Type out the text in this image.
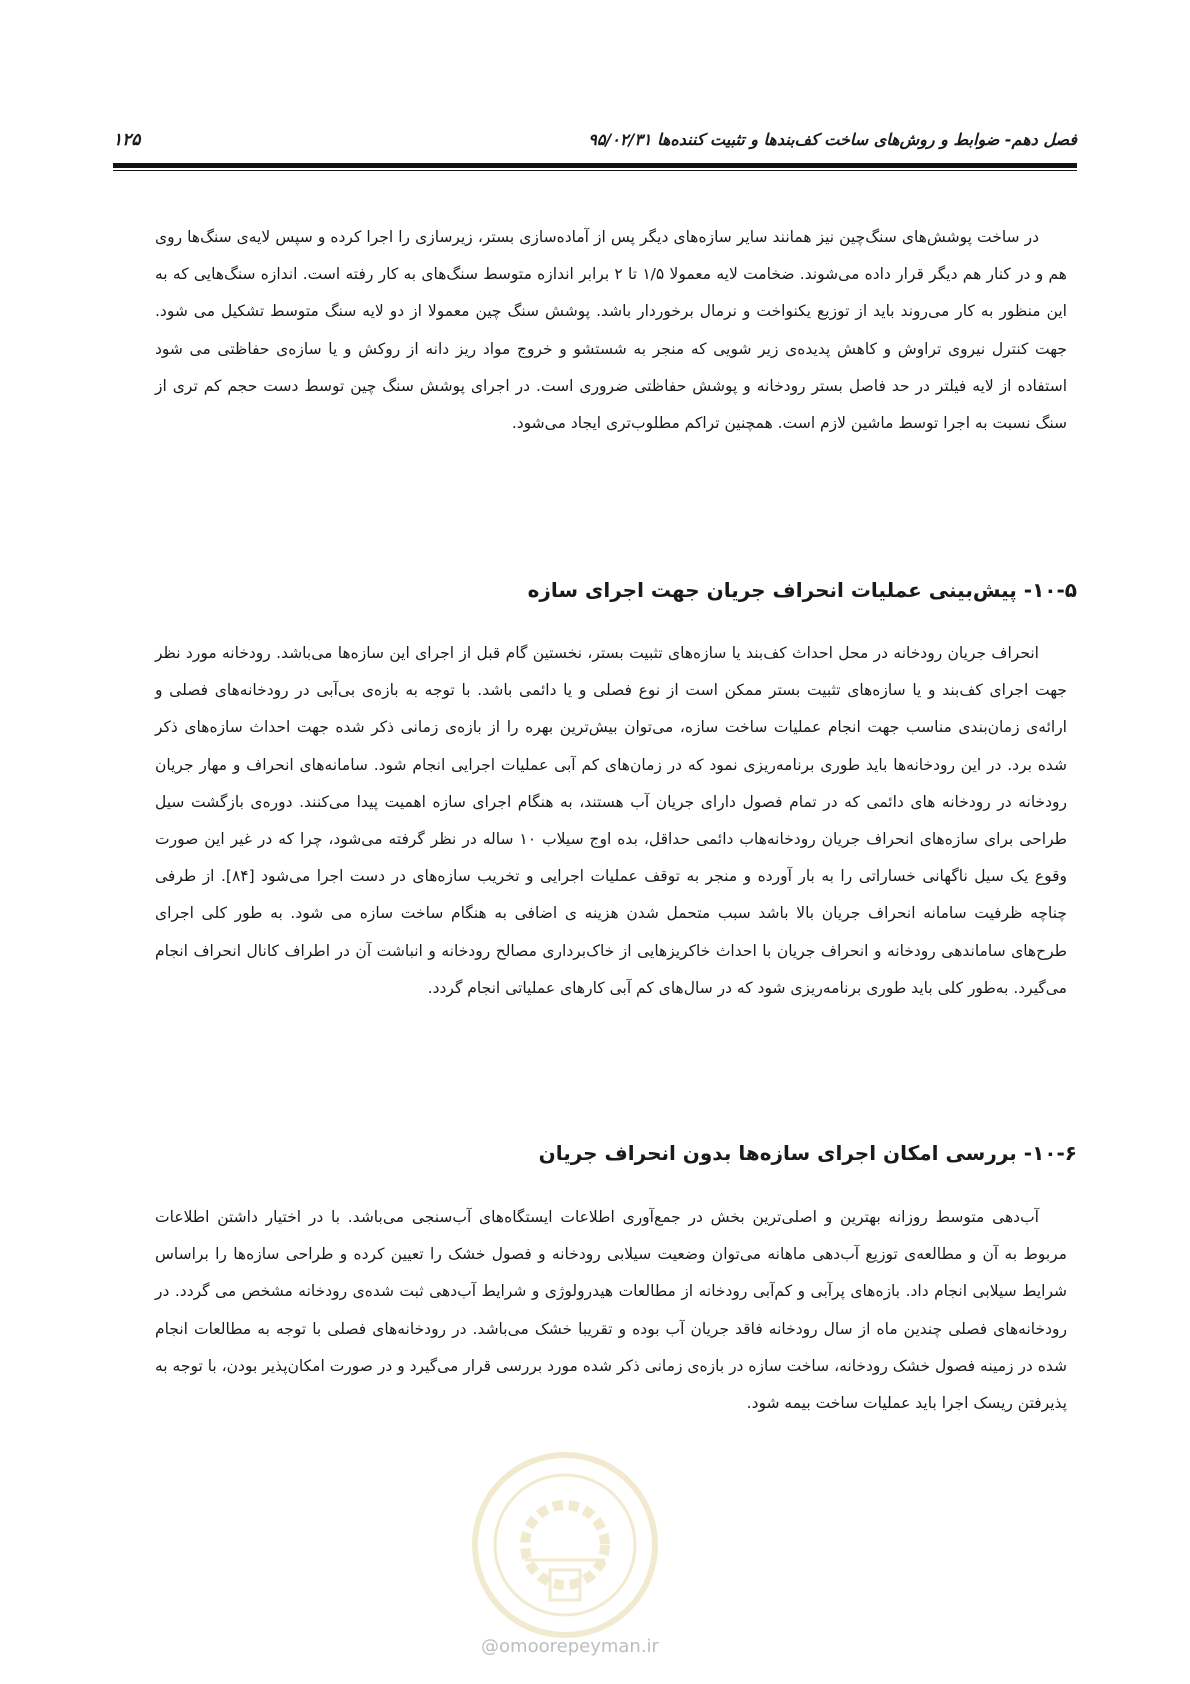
فصل دهم- ضوابط و روش‌های ساخت کف‌بندها و تثبیت کننده‌ها ۹۵/۰۲/۳۱
۱۲۵

در ساخت پوشش‌های سنگ‌چین نیز همانند سایر سازه‌های دیگر پس از آماده‌سازی بستر، زیرسازی را اجرا کرده و سپس لایه‌ی سنگ‌ها روی هم و در کنار هم دیگر قرار داده می‌شوند. ضخامت لایه معمولا ۱/۵ تا ۲ برابر اندازه متوسط سنگ‌های به کار رفته است. اندازه سنگ‌هایی که به این منظور به کار می‌روند باید از توزیع یکنواخت و نرمال برخوردار باشد. پوشش سنگ چین معمولا از دو لایه سنگ متوسط تشکیل می شود. جهت کنترل نیروی تراوش و کاهش پدیده‌ی زیر شویی که منجر به شستشو و خروج مواد ریز دانه از روکش و یا سازه‌ی حفاظتی می شود استفاده از لایه فیلتر در حد فاصل بستر رودخانه و پوشش حفاظتی ضروری است. در اجرای پوشش سنگ چین توسط دست حجم کم تری از سنگ نسبت به اجرا توسط ماشین لازم است. همچنین تراکم مطلوب‌تری ایجاد می‌شود.

۱۰-۵- پیش‌بینی عملیات انحراف جریان جهت اجرای سازه

انحراف جریان رودخانه در محل احداث کف‌بند یا سازه‌های تثبیت بستر، نخستین گام قبل از اجرای این سازه‌ها می‌باشد. رودخانه مورد نظر جهت اجرای کف‌بند و یا سازه‌های تثبیت بستر ممکن است از نوع فصلی و یا دائمی باشد. با توجه به بازه‌ی بی‌آبی در رودخانه‌های فصلی و ارائه‌ی زمان‌بندی مناسب جهت انجام عملیات ساخت سازه، می‌توان بیش‌ترین بهره را از بازه‌ی زمانی ذکر شده جهت احداث سازه‌های ذکر شده برد. در این رودخانه‌ها باید طوری برنامه‌ریزی نمود که در زمان‌های کم آبی عملیات اجرایی انجام شود. سامانه‌های انحراف و مهار جریان رودخانه در رودخانه های دائمی که در تمام فصول دارای جریان آب هستند، به هنگام اجرای سازه اهمیت پیدا می‌کنند. دوره‌ی بازگشت سیل طراحی برای سازه‌های انحراف جریان رودخانه‌هاب دائمی حداقل، بده اوج سیلاب ۱۰ ساله در نظر گرفته می‌شود، چرا که در غیر این صورت وقوع یک سیل ناگهانی خساراتی را به بار آورده و منجر به توقف عملیات اجرایی و تخریب سازه‌های در دست اجرا می‌شود [۸۴]. از طرفی چناچه ظرفیت سامانه انحراف جریان بالا باشد سبب متحمل شدن هزینه ی اضافی به هنگام ساخت سازه می شود. به طور کلی اجرای طرح‌های ساماندهی رودخانه و انحراف جریان با احداث خاکریزهایی از خاک‌برداری مصالح رودخانه و انباشت آن در اطراف کانال انحراف انجام می‌گیرد. به‌طور کلی باید طوری برنامه‌ریزی شود که در سال‌های کم آبی کارهای عملیاتی انجام گردد.

۱۰-۶- بررسی امکان اجرای سازه‌ها بدون انحراف جریان

آب‌دهی متوسط روزانه بهترین و اصلی‌ترین بخش در جمع‌آوری اطلاعات ایستگاه‌های آب‌سنجی می‌باشد. با در اختیار داشتن اطلاعات مربوط به آن و مطالعه‌ی توزیع آب‌دهی ماهانه می‌توان وضعیت سیلابی رودخانه و فصول خشک را تعیین کرده و طراحی سازه‌ها را براساس شرایط سیلابی انجام داد. بازه‌های پرآبی و کم‌آبی رودخانه از مطالعات هیدرولوژی و شرایط آب‌دهی ثبت شده‌ی رودخانه مشخص می گردد. در رودخانه‌های فصلی چندین ماه از سال رودخانه فاقد جریان آب بوده و تقریبا خشک می‌باشد. در رودخانه‌های فصلی با توجه به مطالعات انجام شده در زمینه فصول خشک رودخانه، ساخت سازه در بازه‌ی زمانی ذکر شده مورد بررسی قرار می‌گیرد و در صورت امکان‌پذیر بودن، با توجه به پذیرفتن ریسک اجرا باید عملیات ساخت بیمه شود.

@omoorepeyman.ir
